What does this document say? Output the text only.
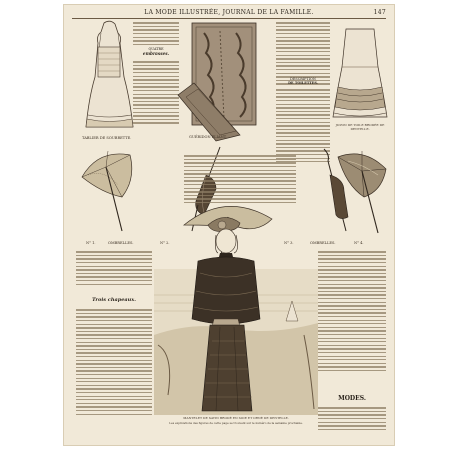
LA MODE ILLUSTRÉE, JOURNAL DE LA FAMILLE.	147
TABLIER DE SOUBRETTE.
QUATRE
embrasses.
GUÉRIDON PLIANT.
DESCRIPTION
DE TOILETTES.
JUPON DE TOILE BRODÉE DE DENTELLE.
N° 1.	OMBRELLES.	N° 2.	N° 3.	OMBRELLES.	N° 4.
Trois chapeaux.
MANTELET DE SATIN BRODÉ EN SOIE ET ORNÉ DE DENTELLE.
Les explications des figures de cette page se trouvent sur le numéro de la semaine prochaine.
MODES.
